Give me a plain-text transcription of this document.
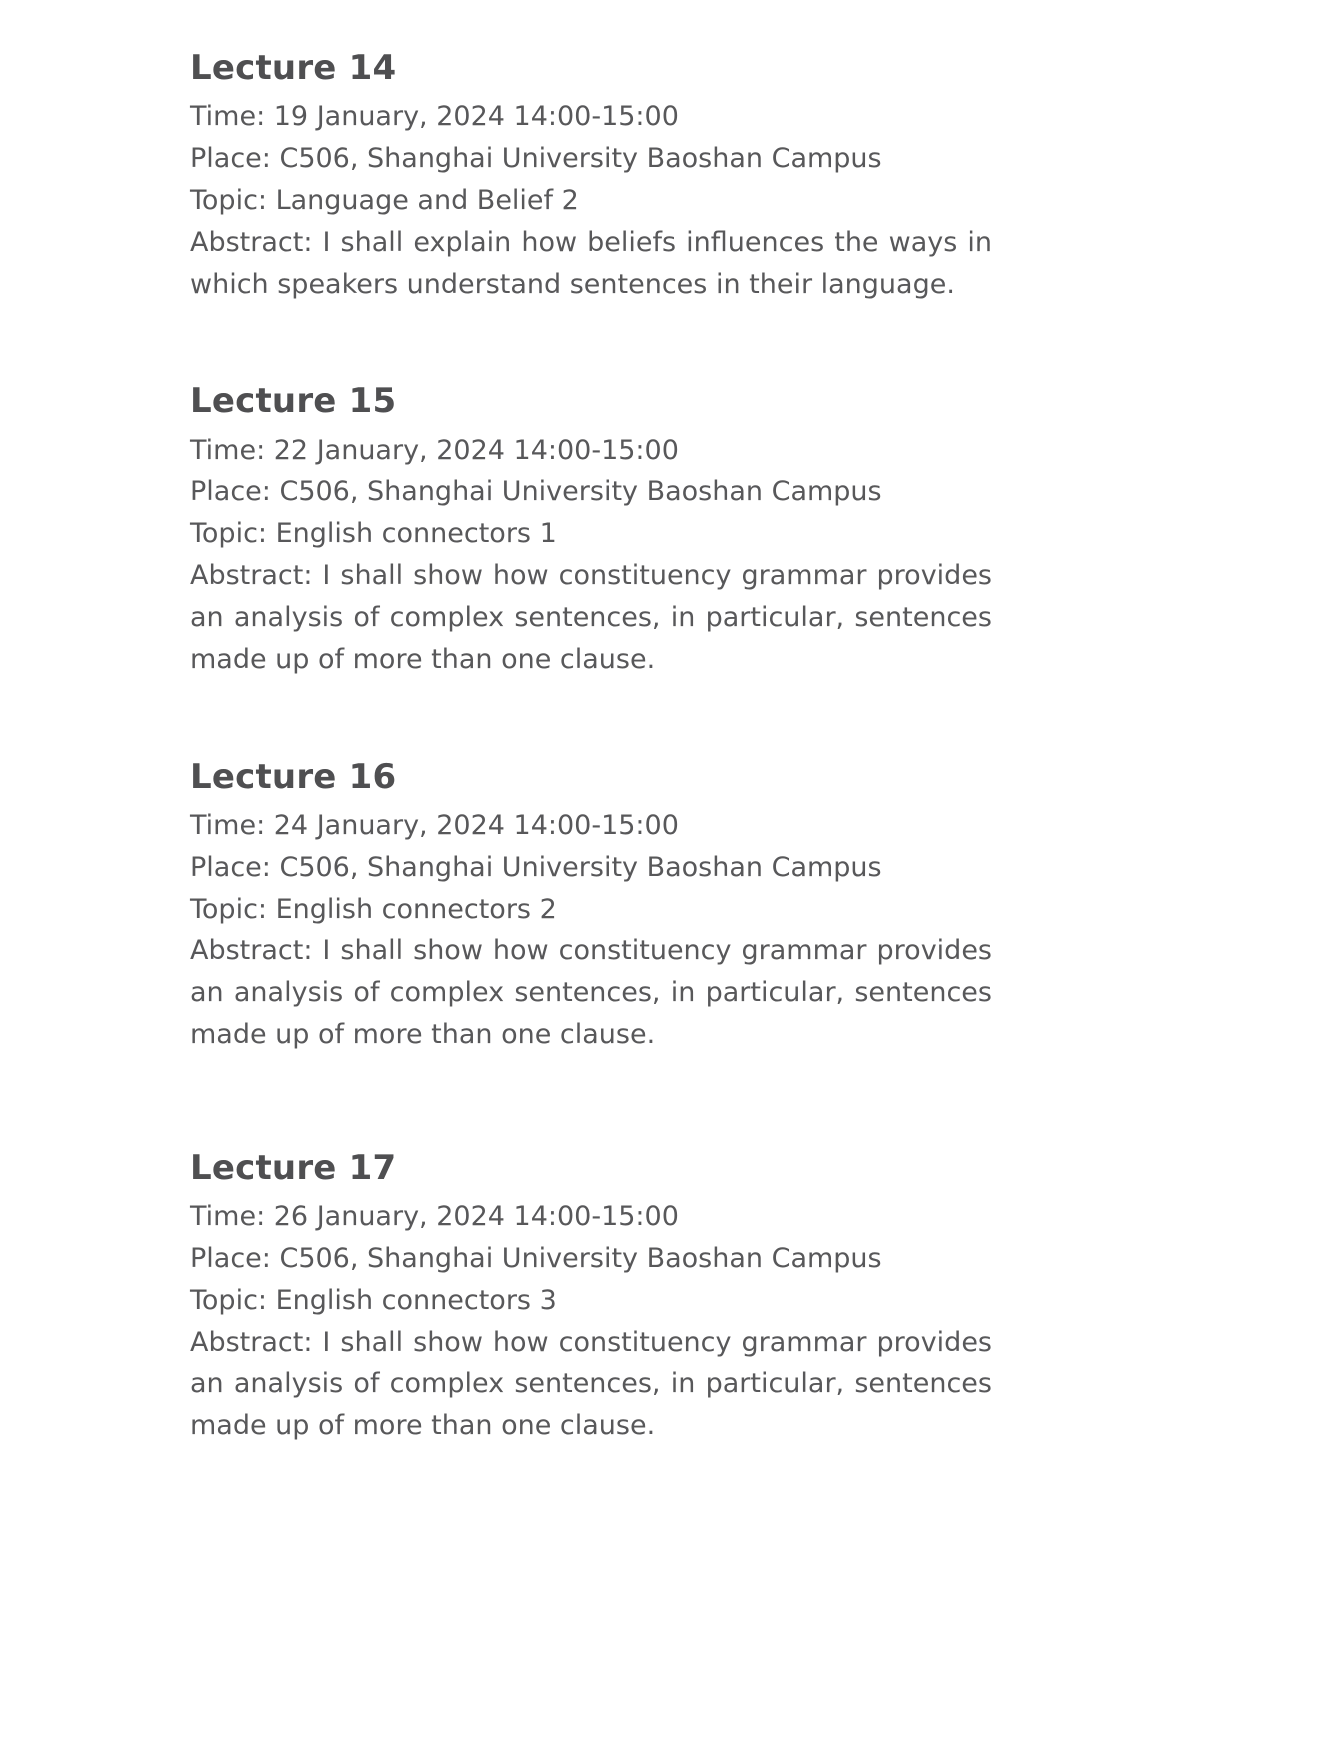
Lecture 14

Time: 19 January, 2024 14:00-15:00

Place: C506, Shanghai University Baoshan Campus

Topic: Language and Belief 2

Abstract: I shall explain how beliefs influences the ways in which speakers understand sentences in their language.

Lecture 15

Time: 22 January, 2024 14:00-15:00

Place: C506, Shanghai University Baoshan Campus

Topic: English connectors 1

Abstract: I shall show how constituency grammar provides an analysis of complex sentences, in particular, sentences made up of more than one clause.

Lecture 16

Time: 24 January, 2024 14:00-15:00

Place: C506, Shanghai University Baoshan Campus

Topic: English connectors 2

Abstract: I shall show how constituency grammar provides an analysis of complex sentences, in particular, sentences made up of more than one clause.

Lecture 17

Time: 26 January, 2024 14:00-15:00

Place: C506, Shanghai University Baoshan Campus

Topic: English connectors 3

Abstract: I shall show how constituency grammar provides an analysis of complex sentences, in particular, sentences made up of more than one clause.
